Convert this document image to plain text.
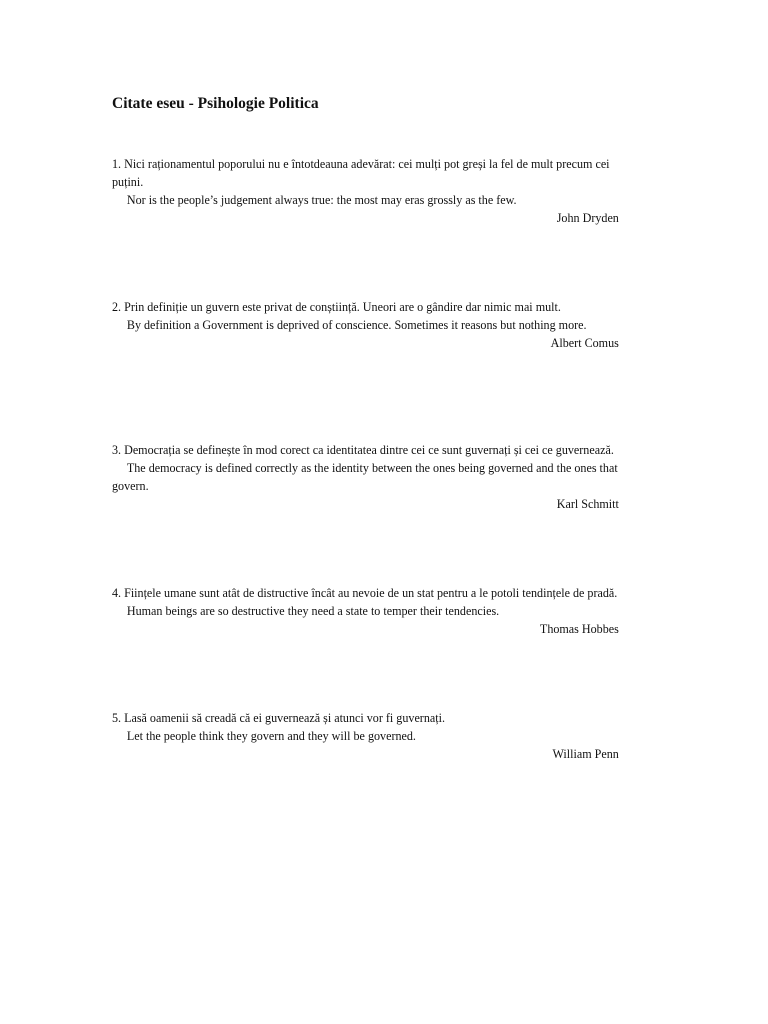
Citate eseu - Psihologie Politica

1. Nici raționamentul poporului nu e întotdeauna adevărat: cei mulți pot greși la fel de mult precum cei puțini.

Nor is the people’s judgement always true: the most may eras grossly as the few.

John Dryden

2. Prin definiție un guvern este privat de conștiință. Uneori are o gândire dar nimic mai mult.

By definition a Government is deprived of conscience. Sometimes it reasons but nothing more.

Albert Comus

3. Democrația se definește în mod corect ca identitatea dintre cei ce sunt guvernați și cei ce guvernează.

The democracy is defined correctly as the identity between the ones being governed and the ones that govern.

Karl Schmitt

4. Ființele umane sunt atât de distructive încât au nevoie de un stat pentru a le potoli tendințele de pradă.

Human beings are so destructive they need a state to temper their tendencies.

Thomas Hobbes

5. Lasă oamenii să creadă că ei guvernează și atunci vor fi guvernați.

Let the people think they govern and they will be governed.

William Penn
